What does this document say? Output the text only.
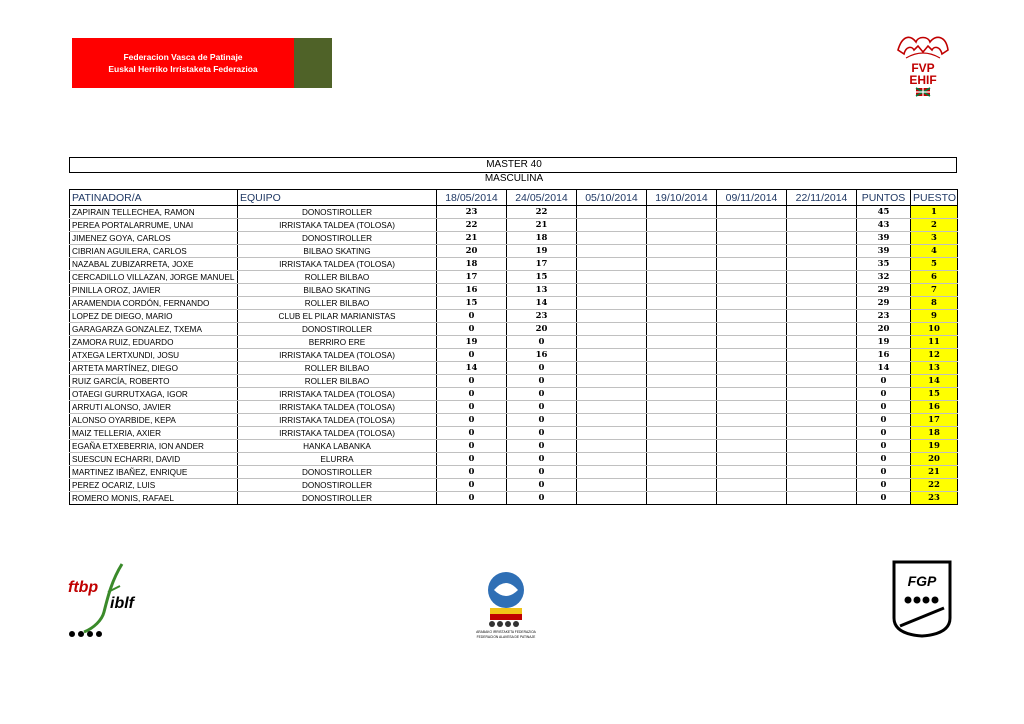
Federacion Vasca de Patinaje
Euskal Herriko Irristaketa Federazioa	FVP
EHIF
MASTER 40 MASCULINA
PATINADOR/A	EQUIPO	18/05/2014	24/05/2014	05/10/2014	19/10/2014	09/11/2014	22/11/2014	PUNTOS	PUESTO
ZAPIRAIN TELLECHEA, RAMON	DONOSTIROLLER	23	22					45	1
PEREA PORTALARRUME, UNAI	IRRISTAKA TALDEA (TOLOSA)	22	21					43	2
JIMENEZ GOYA, CARLOS	DONOSTIROLLER	21	18					39	3
CIBRIAN AGUILERA, CARLOS	BILBAO SKATING	20	19					39	4
NAZABAL ZUBIZARRETA, JOXE	IRRISTAKA TALDEA (TOLOSA)	18	17					35	5
CERCADILLO VILLAZAN, JORGE MANUEL	ROLLER BILBAO	17	15					32	6
PINILLA OROZ, JAVIER	BILBAO SKATING	16	13					29	7
ARAMENDIA CORDÓN, FERNANDO	ROLLER BILBAO	15	14					29	8
LOPEZ DE DIEGO, MARIO	CLUB EL PILAR MARIANISTAS	0	23					23	9
GARAGARZA GONZALEZ, TXEMA	DONOSTIROLLER	0	20					20	10
ZAMORA RUIZ, EDUARDO	BERRIRO ERE	19	0					19	11
ATXEGA LERTXUNDI, JOSU	IRRISTAKA TALDEA (TOLOSA)	0	16					16	12
ARTETA MARTÍNEZ, DIEGO	ROLLER BILBAO	14	0					14	13
RUIZ GARCÍA, ROBERTO	ROLLER BILBAO	0	0					0	14
OTAEGI GURRUTXAGA, IGOR	IRRISTAKA TALDEA (TOLOSA)	0	0					0	15
ARRUTI ALONSO, JAVIER	IRRISTAKA TALDEA (TOLOSA)	0	0					0	16
ALONSO OYARBIDE, KEPA	IRRISTAKA TALDEA (TOLOSA)	0	0					0	17
MAIZ TELLERIA, AXIER	IRRISTAKA TALDEA (TOLOSA)	0	0					0	18
EGAÑA ETXEBERRIA, ION ANDER	HANKA LABANKA	0	0					0	19
SUESCUN ECHARRI, DAVID	ELURRA	0	0					0	20
MARTINEZ IBAÑEZ, ENRIQUE	DONOSTIROLLER	0	0					0	21
PEREZ OCARIZ, LUIS	DONOSTIROLLER	0	0					0	22
ROMERO MONIS, RAFAEL	DONOSTIROLLER	0	0					0	23
ftbp
iblf
ARABAKO IRRISTAKETA FEDERAZIOA
FEDERACION ALAVESA DE PATINAJE
FGP
